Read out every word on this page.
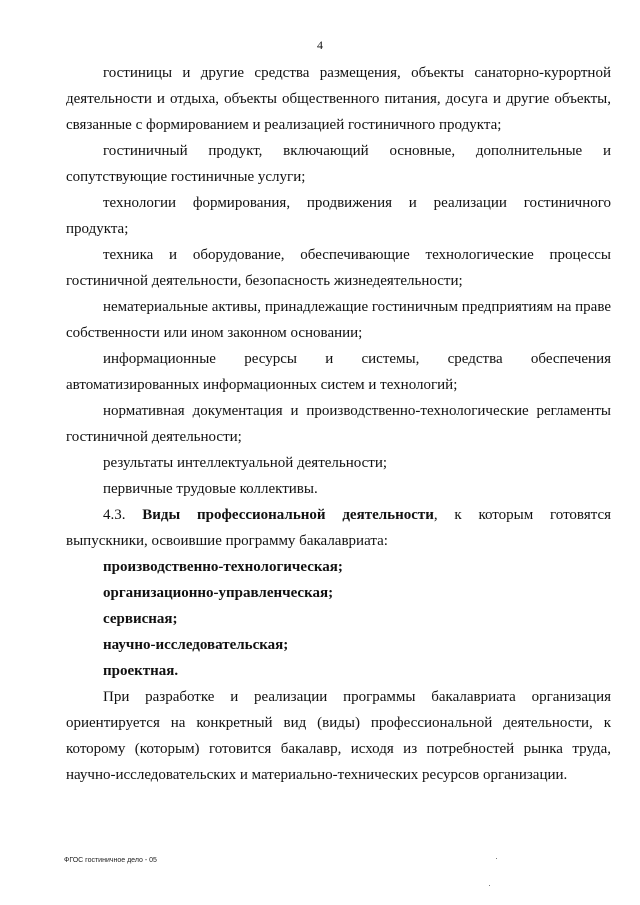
4

гостиницы и другие средства размещения, объекты санаторно-курортной деятельности и отдыха, объекты общественного питания, досуга и другие объекты, связанные с формированием и реализацией гостиничного продукта;

гостиничный продукт, включающий основные, дополнительные и сопутствующие гостиничные услуги;

технологии формирования, продвижения и реализации гостиничного продукта;

техника и оборудование, обеспечивающие технологические процессы гостиничной деятельности, безопасность жизнедеятельности;

нематериальные активы, принадлежащие гостиничным предприятиям на праве собственности или ином законном основании;

информационные ресурсы и системы, средства обеспечения автоматизированных информационных систем и технологий;

нормативная документация и производственно-технологические регламенты гостиничной деятельности;

результаты интеллектуальной деятельности;

первичные трудовые коллективы.

4.3. Виды профессиональной деятельности, к которым готовятся выпускники, освоившие программу бакалавриата:

производственно-технологическая;

организационно-управленческая;

сервисная;

научно-исследовательская;

проектная.

При разработке и реализации программы бакалавриата организация ориентируется на конкретный вид (виды) профессиональной деятельности, к которому (которым) готовится бакалавр, исходя из потребностей рынка труда, научно-исследовательских и материально-технических ресурсов организации.

ФГОС гостиничное дело - 05
